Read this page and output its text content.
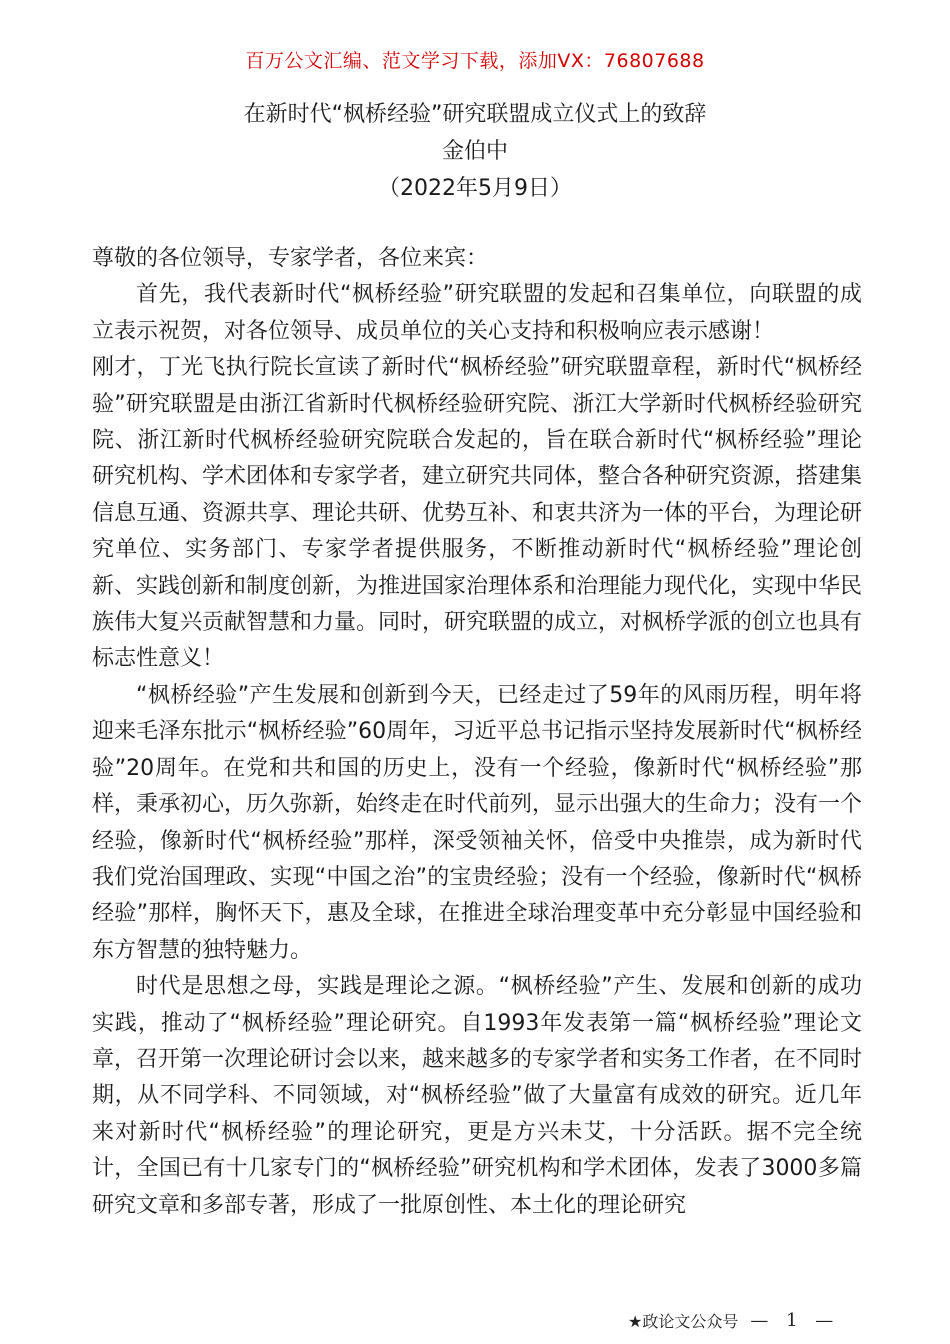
百万公文汇编、范文学习下载，添加VX：76807688

在新时代“枫桥经验”研究联盟成立仪式上的致辞

金伯中

（2022年5月9日）

尊敬的各位领导，专家学者，各位来宾：

首先，我代表新时代“枫桥经验”研究联盟的发起和召集单位，向联盟的成立表示祝贺，对各位领导、成员单位的关心支持和积极响应表示感谢！

刚才，丁光飞执行院长宣读了新时代“枫桥经验”研究联盟章程，新时代“枫桥经验”研究联盟是由浙江省新时代枫桥经验研究院、浙江大学新时代枫桥经验研究院、浙江新时代枫桥经验研究院联合发起的，旨在联合新时代“枫桥经验”理论研究机构、学术团体和专家学者，建立研究共同体，整合各种研究资源，搭建集信息互通、资源共享、理论共研、优势互补、和衷共济为一体的平台，为理论研究单位、实务部门、专家学者提供服务，不断推动新时代“枫桥经验”理论创新、实践创新和制度创新，为推进国家治理体系和治理能力现代化，实现中华民族伟大复兴贡献智慧和力量。同时，研究联盟的成立，对枫桥学派的创立也具有标志性意义！

“枫桥经验”产生发展和创新到今天，已经走过了59年的风雨历程，明年将迎来毛泽东批示“枫桥经验”60周年，习近平总书记指示坚持发展新时代“枫桥经验”20周年。在党和共和国的历史上，没有一个经验，像新时代“枫桥经验”那样，秉承初心，历久弥新，始终走在时代前列，显示出强大的生命力；没有一个经验，像新时代“枫桥经验”那样，深受领袖关怀，倍受中央推崇，成为新时代我们党治国理政、实现“中国之治”的宝贵经验；没有一个经验，像新时代“枫桥经验”那样，胸怀天下，惠及全球，在推进全球治理变革中充分彰显中国经验和东方智慧的独特魅力。

时代是思想之母，实践是理论之源。“枫桥经验”产生、发展和创新的成功实践，推动了“枫桥经验”理论研究。自1993年发表第一篇“枫桥经验”理论文章，召开第一次理论研讨会以来，越来越多的专家学者和实务工作者，在不同时期，从不同学科、不同领域，对“枫桥经验”做了大量富有成效的研究。近几年来对新时代“枫桥经验”的理论研究，更是方兴未艾，十分活跃。据不完全统计，全国已有十几家专门的“枫桥经验”研究机构和学术团体，发表了3000多篇研究文章和多部专著，形成了一批原创性、本土化的理论研究

★政论文公众号 — 1 —
